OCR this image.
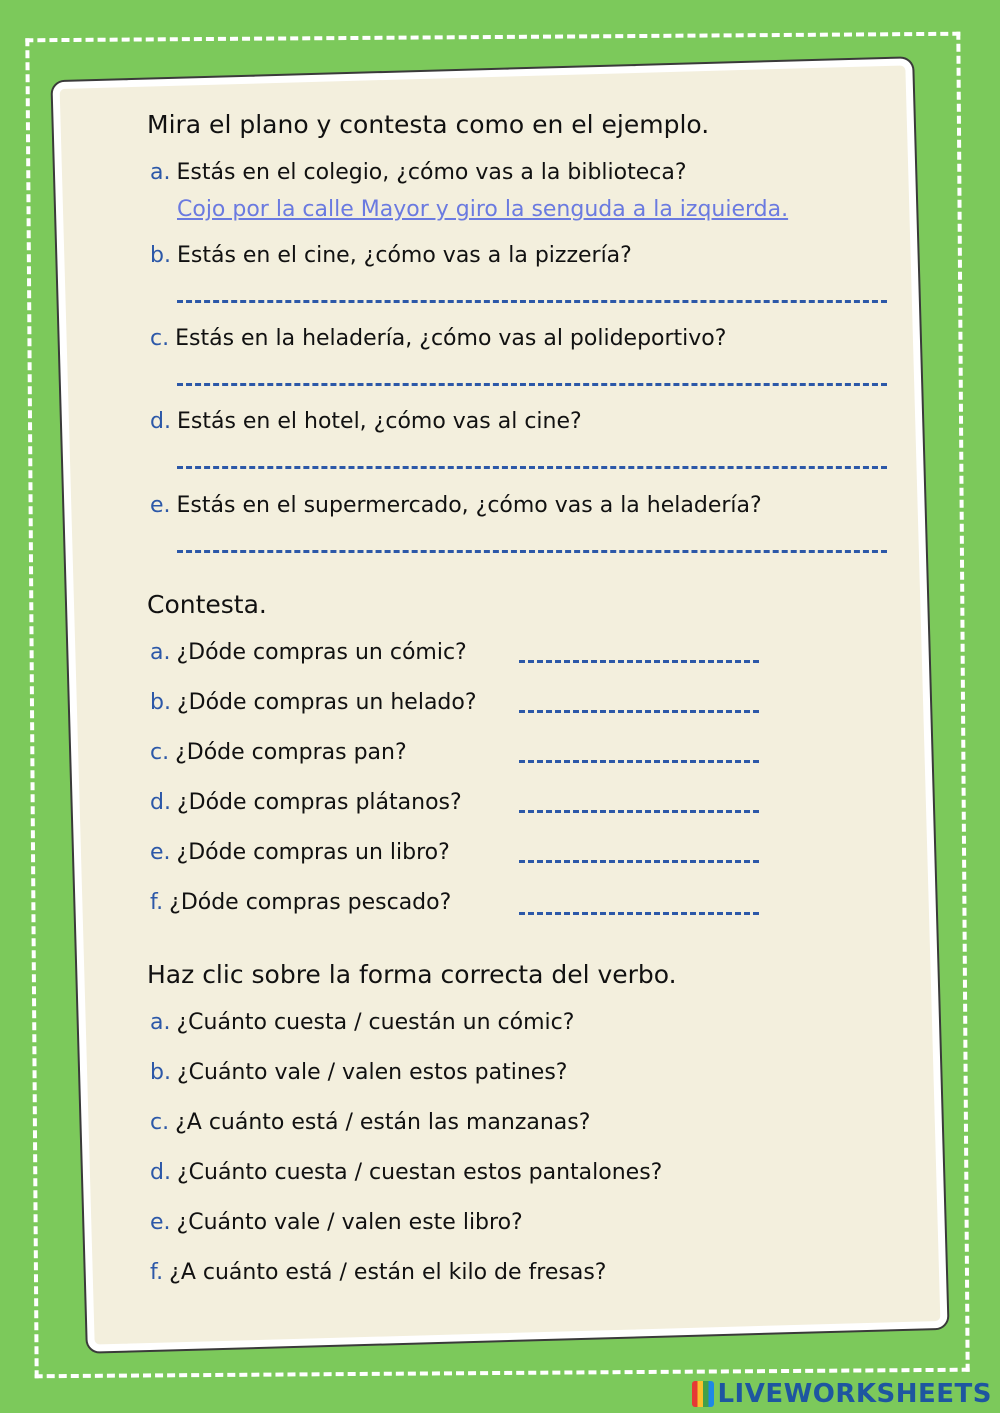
Mira el plano y contesta como en el ejemplo.
a. Estás en el colegio, ¿cómo vas a la biblioteca?
Cojo por la calle Mayor y giro la senguda a la izquierda.
b. Estás en el cine, ¿cómo vas a la pizzería?
c. Estás en la heladería, ¿cómo vas al polideportivo?
d. Estás en el hotel, ¿cómo vas al cine?
e. Estás en el supermercado, ¿cómo vas a la heladería?
Contesta.
a. ¿Dóde compras un cómic?
b. ¿Dóde compras un helado?
c. ¿Dóde compras pan?
d. ¿Dóde compras plátanos?
e. ¿Dóde compras un libro?
f. ¿Dóde compras pescado?
Haz clic sobre la forma correcta del verbo.
a. ¿Cuánto cuesta / cuestán un cómic?
b. ¿Cuánto vale / valen estos patines?
c. ¿A cuánto está / están las manzanas?
d. ¿Cuánto cuesta / cuestan estos pantalones?
e. ¿Cuánto vale / valen este libro?
f. ¿A cuánto está / están el kilo de fresas?
LIVEWORKSHEETS
